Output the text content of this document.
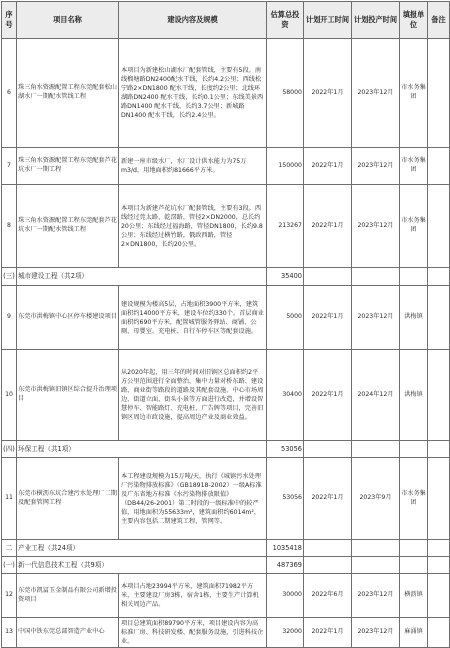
序号	项目名称	建设内容及规模	估算总投资	计划开工时间	计划投产时间	填报单位	备注
6	珠三角水资源配置工程东莞配套松山湖水厂一期配水管线工程	本项目为新建松山湖水厂配套管线，主要有5段。南线榴塘路DN2400配水干线，长约4.2公里；西线松宁路2×DN1800 配水干线，长度约2公里；北线环湖路DN2400 配水干线，长约0.1公里；东线美景西路DN1400 配水干线，长约3.7公里；新城路DN1400 配水干线，长约2.4公里。	58000	2022年1月	2023年12月	市水务集团	
7	珠三角水资源配置工程东莞配套芦花坑水厂一期工程	新建一座市级水厂，水厂设计供水能力为75万m3/d，用地面积约81666平方米。	150000	2022年1月	2023年12月	市水务集团	
8	珠三角水资源配置工程东莞配套芦花坑水厂一期配水管线工程	本项目为新建芦花坑水厂配套管线，主要有3段。西线经过莞太路、乾滘路，管径2×DN2000，总长约20公里；东线经过福海路，管径DN1800，长约9.8公里；东线经过横竹路，俄政西路，管径2×DN1800，长约20公里。	213267	2022年1月	2023年12月	市水务集团	
(三)	城市建设工程（共2项）		35400				
9	东莞市洪梅镇中心区停车楼建设项目	建设规模为楼高5层，占地面积3900平方米，建筑面积约14000平方米，建设车位约330个。首层商业面积约690平方米，配置城管服务驿站、商铺、公厕、母婴室、充电桩、自行车停车区等配套设施。	5000	2022年1月	2023年12月	洪梅镇	
10	东莞市洪梅镇旧镇区综合提升治理项目	从2020年起，用三年的时间对旧镇区总面积约2平方公里范围进行全面整治，集中力量对桥东路、建设路、商业街等路段的道路及其配套设施、中心市场周边、街道立面、街头小景等方面进行改造，并增设智慧停车、智能路灯、充电桩、广告牌等项目，完善旧镇区周边市政设施，提高周边产业及商业效益。	30400	2022年1月	2024年12月	洪梅镇	
(四)	环保工程（共1项）		53056				
11	东莞市横沥东坑合建污水处理厂二期及配套管网工程	本工程建设规模为15万吨/天，执行《城镇污水处理厂污染物排放标准》（GB18918-2002）一级A标准及广东省地方标准《水污染物排放限值》（DB44/26-2001）第二时段的一级标准中的较严值，用地面积为55633m²，建筑面积约6014m²，主要内容包括二期建筑工程、管网等。	53056	2022年1月	2023年9月	市水务集团	
二	产业工程（共24项）		1035418				
(一)	新一代信息技术工程（共9项）		487369				
12	东莞市凯冨玉金制品有限公司新增投资项目	本项目占地23994平方米，建筑面积71982平方米，主要建设厂房3栋，宿舍1栋，主要生产计算机相关周边产品。	30000	2022年6月	2023年12月	横沥镇	
13	中国中铁东莞总部智造产业中心	项目总建筑面积89790平方米，项目建设内容为高标准厂房、科技研发楼、配套服务设施，引进科技企业。	32000	2022年1月	2023年12月	麻涌镇	
